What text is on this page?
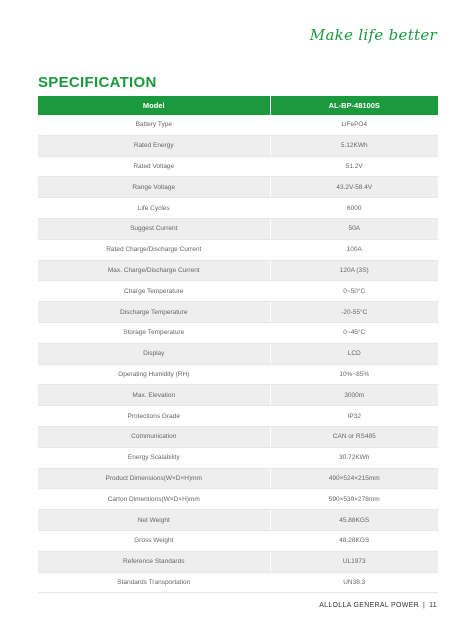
Make life better
SPECIFICATION
Model	AL-BP-48100S
Battery Type	LiFePO4
Rated Energy	5.12KWh
Rated Voltage	51.2V
Range Voltage	43.2V-58.4V
Life Cycles	6000
Suggest Current	50A
Rated Charge/Discharge Current	100A
Max. Charge/Discharge Current	120A (3S)
Charge Temperature	0~50°C
Discharge Temperature	-20-55°C
Storage Temperature	0~45°C
Display	LCD
Operating Humidity (RH)	10%~85%
Max. Elevation	3000m
Protections Grade	IP32
Communication	CAN or RS485
Energy Scalability	30.72KWh
Product Dimensions(W×D×H)mm	490×524×215mm
Carton Dimentions(W×D×H)mm	590×530×278mm
Net Weight	45.88KGS
Gross Weight	48.28KGS
Reference Standards	UL1973
Standards Transportation	UN38.3
ALLOLLA GENERAL POWER | 11
